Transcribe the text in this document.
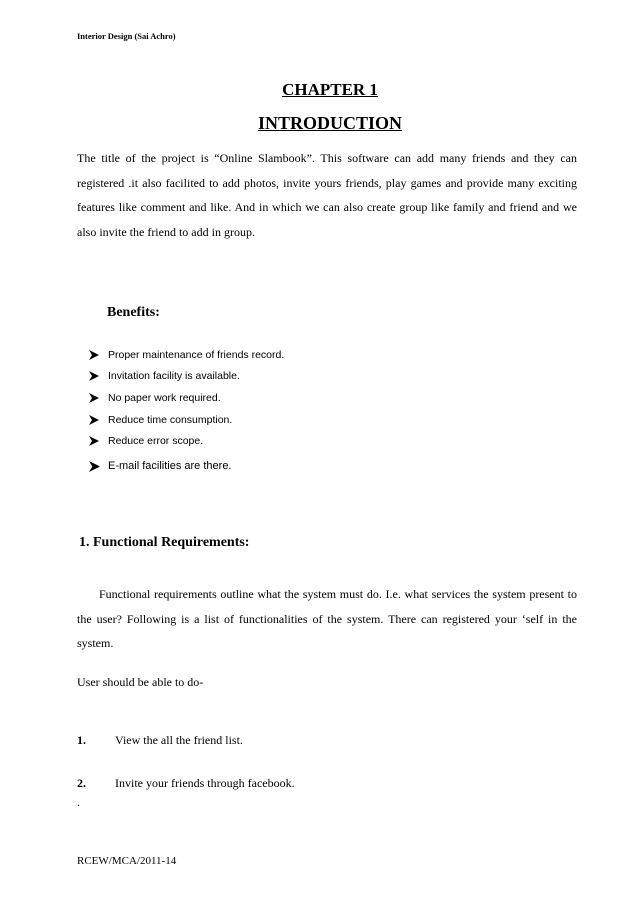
Interior Design (Sai Achro)
CHAPTER 1
INTRODUCTION
The title of the project is “Online Slambook”. This software can add many friends and they can registered .it also facilited to add photos, invite yours friends, play games and provide many exciting features like comment and like. And in which we can also create group like family and friend and we also invite the friend to add in group.
Benefits:
Proper maintenance of friends record.
Invitation facility is available.
No paper work required.
Reduce time consumption.
Reduce error scope.
E-mail facilities are there.
1. Functional Requirements:
Functional requirements outline what the system must do. I.e. what services the system present to the user? Following is a list of functionalities of the system. There can registered your ‘self in the system.
User should be able to do-
1. View the all the friend list.
2. Invite your friends through facebook.
.
RCEW/MCA/2011-14
